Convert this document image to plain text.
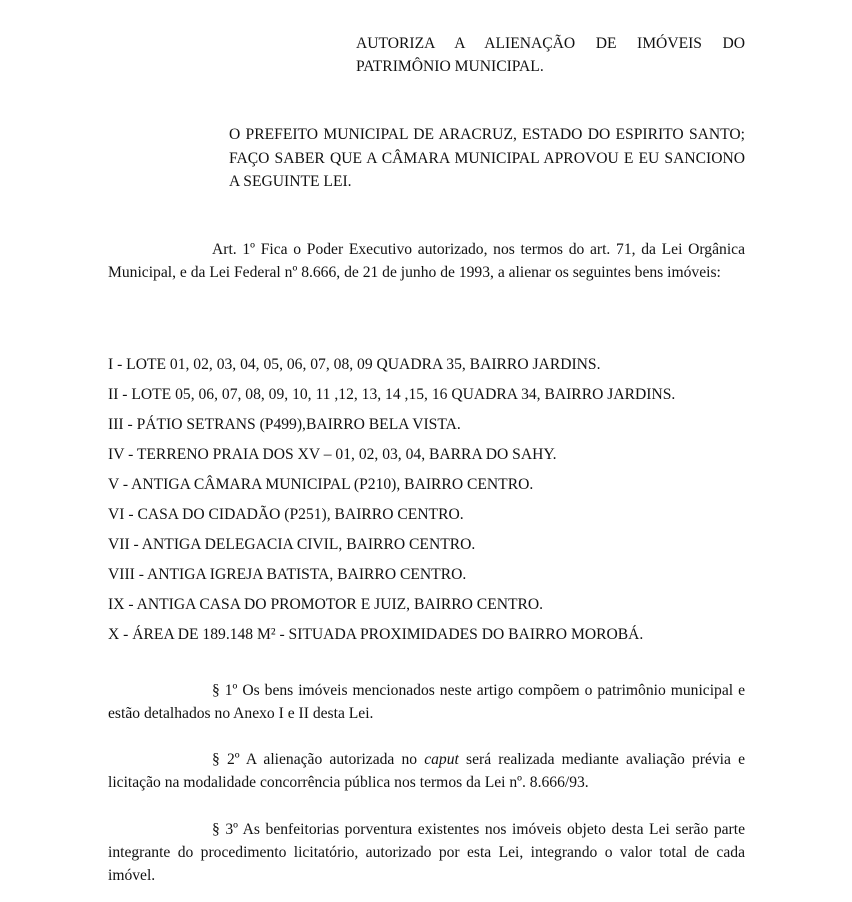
AUTORIZA A ALIENAÇÃO DE IMÓVEIS DO PATRIMÔNIO MUNICIPAL.

O PREFEITO MUNICIPAL DE ARACRUZ, ESTADO DO ESPIRITO SANTO; FAÇO SABER QUE A CÂMARA MUNICIPAL APROVOU E EU SANCIONO A SEGUINTE LEI.

Art. 1º Fica o Poder Executivo autorizado, nos termos do art. 71, da Lei Orgânica Municipal, e da Lei Federal nº 8.666, de 21 de junho de 1993, a alienar os seguintes bens imóveis:

I - LOTE 01, 02, 03, 04, 05, 06, 07, 08, 09 QUADRA 35, BAIRRO JARDINS.
II - LOTE 05, 06, 07, 08, 09, 10, 11 ,12, 13, 14 ,15, 16 QUADRA 34, BAIRRO JARDINS.
III - PÁTIO SETRANS (P499),BAIRRO BELA VISTA.
IV - TERRENO PRAIA DOS XV – 01, 02, 03, 04, BARRA DO SAHY.
V - ANTIGA CÂMARA MUNICIPAL (P210), BAIRRO CENTRO.
VI - CASA DO CIDADÃO (P251), BAIRRO CENTRO.
VII - ANTIGA DELEGACIA CIVIL, BAIRRO CENTRO.
VIII - ANTIGA IGREJA BATISTA, BAIRRO CENTRO.
IX - ANTIGA CASA DO PROMOTOR E JUIZ, BAIRRO CENTRO.
X - ÁREA DE 189.148 M² - SITUADA PROXIMIDADES DO BAIRRO MOROBÁ.

§ 1º Os bens imóveis mencionados neste artigo compõem o patrimônio municipal e estão detalhados no Anexo I e II desta Lei.

§ 2º A alienação autorizada no caput será realizada mediante avaliação prévia e licitação na modalidade concorrência pública nos termos da Lei nº. 8.666/93.

§ 3º As benfeitorias porventura existentes nos imóveis objeto desta Lei serão parte integrante do procedimento licitatório, autorizado por esta Lei, integrando o valor total de cada imóvel.
